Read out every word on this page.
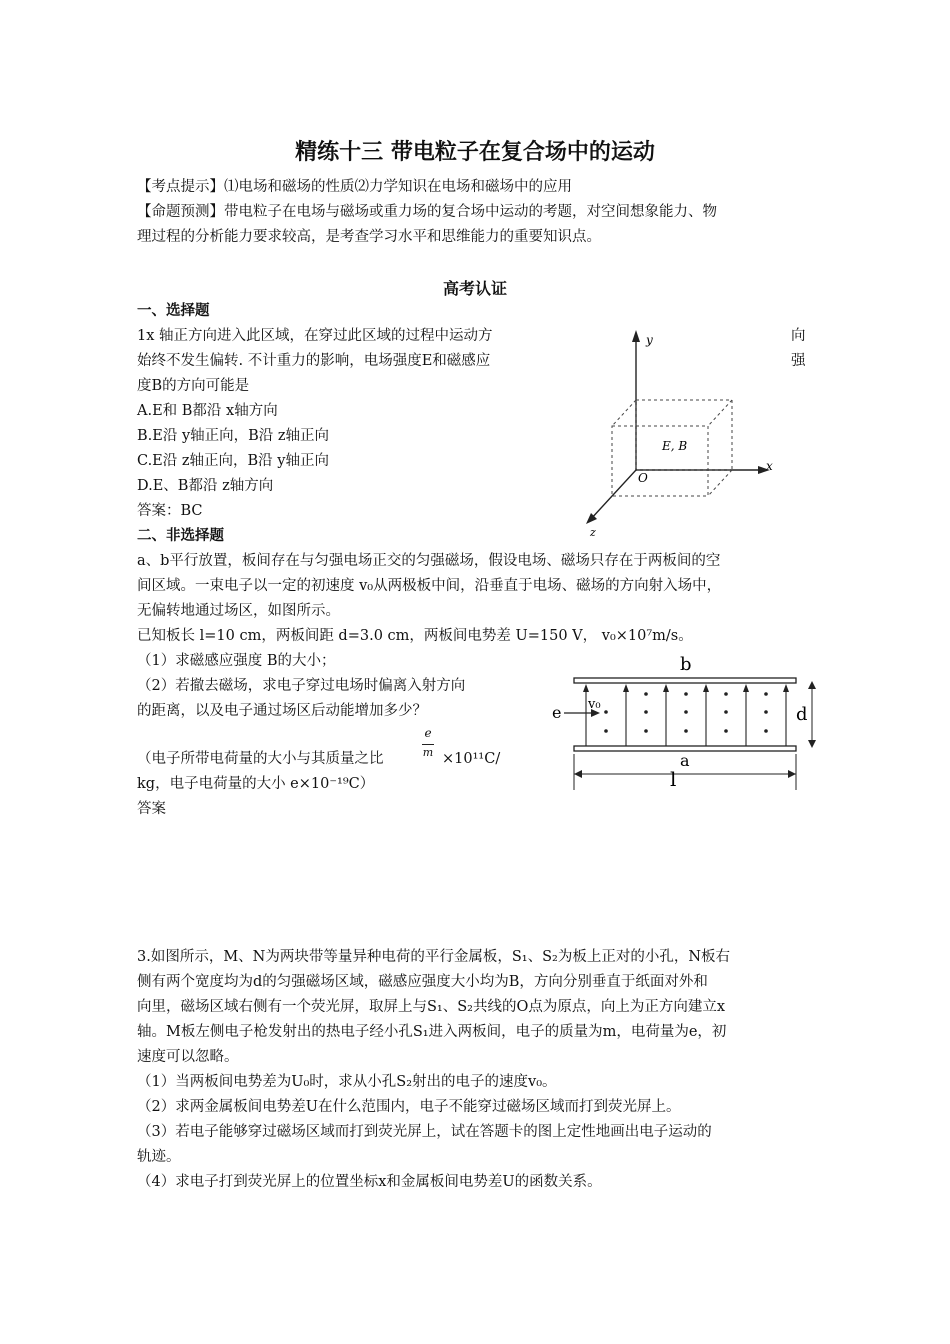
精练十三 带电粒子在复合场中的运动
【考点提示】⑴电场和磁场的性质⑵力学知识在电场和磁场中的应用
【命题预测】带电粒子在电场与磁场或重力场的复合场中运动的考题，对空间想象能力、物
理过程的分析能力要求较高，是考查学习水平和思维能力的重要知识点。
高考认证
一、选择题
1x 轴正方向进入此区域，在穿过此区域的过程中运动方	向
始终不发生偏转. 不计重力的影响，电场强度E和磁感应	强
度B的方向可能是
A.E和 B都沿 x轴方向
B.E沿 y轴正向，B沿 z轴正向
C.E沿 z轴正向，B沿 y轴正向
D.E、B都沿 z轴方向
答案：BC
y
x
z
O
E, B
二、非选择题
a、b平行放置，板间存在与匀强电场正交的匀强磁场，假设电场、磁场只存在于两板间的空
间区域。一束电子以一定的初速度 v₀从两极板中间，沿垂直于电场、磁场的方向射入场中，
无偏转地通过场区，如图所示。
已知板长 l=10 cm，两板间距 d=3.0 cm，两板间电势差 U=150 V， v₀×10⁷m/s。
（1）求磁感应强度 B的大小；
（2）若撤去磁场，求电子穿过电场时偏离入射方向
的距离，以及电子通过场区后动能增加多少？
（电子所带电荷量的大小与其质量之比
e
m ×10¹¹C/
kg，电子电荷量的大小 e×10⁻¹⁹C）
答案
b
e v₀	d
a
l
3.如图所示，M、N为两块带等量异种电荷的平行金属板，S₁、S₂为板上正对的小孔，N板右
侧有两个宽度均为d的匀强磁场区域，磁感应强度大小均为B，方向分别垂直于纸面对外和
向里，磁场区域右侧有一个荧光屏，取屏上与S₁、S₂共线的O点为原点，向上为正方向建立x
轴。M板左侧电子枪发射出的热电子经小孔S₁进入两板间，电子的质量为m，电荷量为e，初
速度可以忽略。
（1）当两板间电势差为U₀时，求从小孔S₂射出的电子的速度v₀。
（2）求两金属板间电势差U在什么范围内，电子不能穿过磁场区域而打到荧光屏上。
（3）若电子能够穿过磁场区域而打到荧光屏上，试在答题卡的图上定性地画出电子运动的
轨迹。
（4）求电子打到荧光屏上的位置坐标x和金属板间电势差U的函数关系。
